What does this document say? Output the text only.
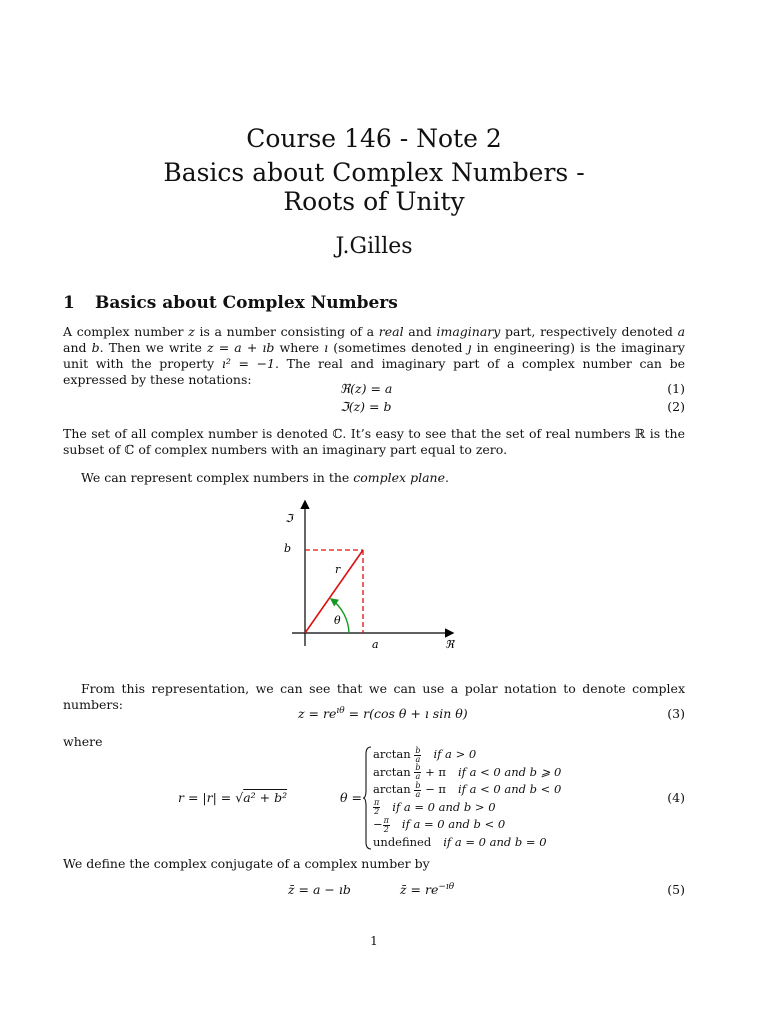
Course 146 - Note 2
Basics about Complex Numbers -
Roots of Unity
J.Gilles
1 Basics about Complex Numbers
A complex number z is a number consisting of a real and imaginary part, respectively denoted a and b. Then we write z = a + ıb where ı (sometimes denoted ȷ in engineering) is the imaginary unit with the property ı² = −1. The real and imaginary part of a complex number can be expressed by these notations:
ℜ(z) = a	(1)
ℑ(z) = b	(2)
The set of all complex number is denoted ℂ. It’s easy to see that the set of real numbers ℝ is the subset of ℂ of complex numbers with an imaginary part equal to zero.
We can represent complex numbers in the complex plane.
ℑ
b
r
θ
a	ℜ
From this representation, we can see that we can use a polar notation to denote complex numbers:
$z = re^{ı\theta} = r(\cos$ θ + ı sin θ)	(3)
where
r = |r| = √a² + b²	θ =
$\arctan \frac{b}{a}$ if a > 0
$\arctan \frac{b}{a} + \pi$ if a < 0 and b ⩾ 0
$\arctan \frac{b}{a} - \pi$ if a < 0 and b < 0
$\frac{\pi}{2}$ if a = 0 and b > 0
− $\frac{\pi}{2}$ if a = 0 and b < 0
undefined if a = 0 and b = 0
(4)
We define the complex conjugate of a complex number by
z̄ = a − ıb	z̄ = $re^{-ı\theta}$	(5)
1
